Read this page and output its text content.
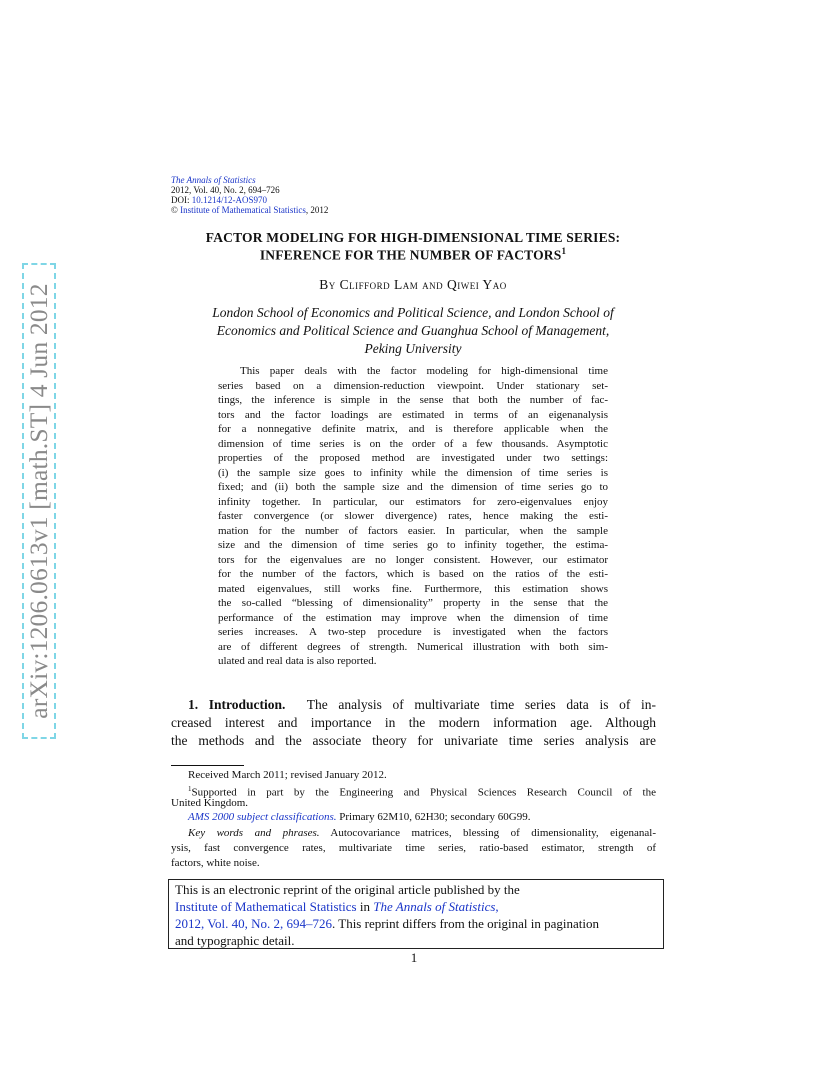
arXiv:1206.0613v1 [math.ST] 4 Jun 2012
The Annals of Statistics
2012, Vol. 40, No. 2, 694–726
DOI: 10.1214/12-AOS970
© Institute of Mathematical Statistics, 2012
FACTOR MODELING FOR HIGH-DIMENSIONAL TIME SERIES:
INFERENCE FOR THE NUMBER OF FACTORS$^1$
By Clifford Lam and Qiwei Yao
London School of Economics and Political Science, and London School of
Economics and Political Science and Guanghua School of Management,
Peking University
This paper deals with the factor modeling for high-dimensional time
series based on a dimension-reduction viewpoint. Under stationary set-
tings, the inference is simple in the sense that both the number of fac-
tors and the factor loadings are estimated in terms of an eigenanalysis
for a nonnegative definite matrix, and is therefore applicable when the
dimension of time series is on the order of a few thousands. Asymptotic
properties of the proposed method are investigated under two settings:
(i) the sample size goes to infinity while the dimension of time series is
fixed; and (ii) both the sample size and the dimension of time series go to
infinity together. In particular, our estimators for zero-eigenvalues enjoy
faster convergence (or slower divergence) rates, hence making the esti-
mation for the number of factors easier. In particular, when the sample
size and the dimension of time series go to infinity together, the estima-
tors for the eigenvalues are no longer consistent. However, our estimator
for the number of the factors, which is based on the ratios of the esti-
mated eigenvalues, still works fine. Furthermore, this estimation shows
the so-called “blessing of dimensionality” property in the sense that the
performance of the estimation may improve when the dimension of time
series increases. A two-step procedure is investigated when the factors
are of different degrees of strength. Numerical illustration with both sim-
ulated and real data is also reported.
1. Introduction. The analysis of multivariate time series data is of in-
creased interest and importance in the modern information age. Although
the methods and the associate theory for univariate time series analysis are
Received March 2011; revised January 2012.
$^1$Supported in part by the Engineering and Physical Sciences Research Council of the
United Kingdom.
AMS 2000 subject classifications. Primary 62M10, 62H30; secondary 60G99.
Key words and phrases. Autocovariance matrices, blessing of dimensionality, eigenanal-
ysis, fast convergence rates, multivariate time series, ratio-based estimator, strength of
factors, white noise.
This is an electronic reprint of the original article published by the
Institute of Mathematical Statistics in The Annals of Statistics,
2012, Vol. 40, No. 2, 694–726. This reprint differs from the original in pagination
and typographic detail.
1
